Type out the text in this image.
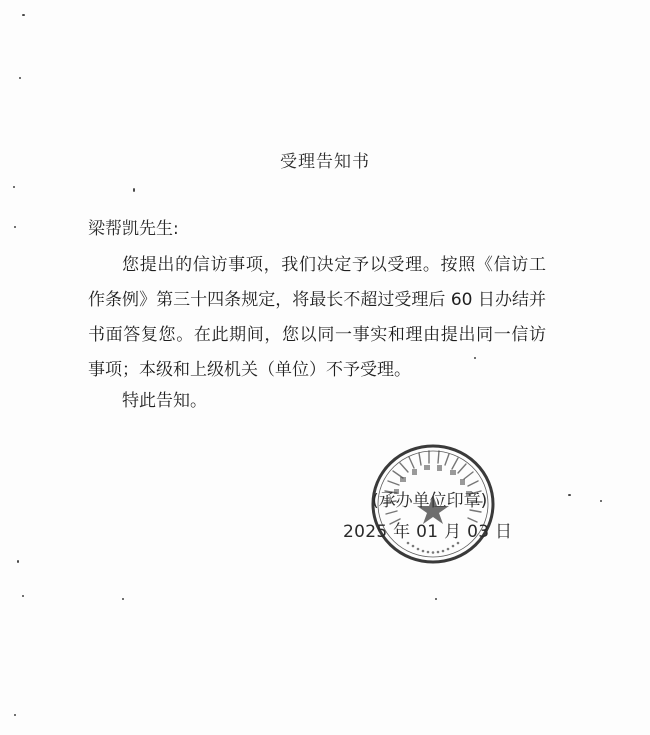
受理告知书
梁帮凯先生:
您提出的信访事项，我们决定予以受理。按照《信访工作条例》第三十四条规定，将最长不超过受理后 60 日办结并书面答复您。在此期间，您以同一事实和理由提出同一信访事项；本级和上级机关（单位）不予受理。
特此告知。
(承办单位印章)
2025 年 01 月 03 日
